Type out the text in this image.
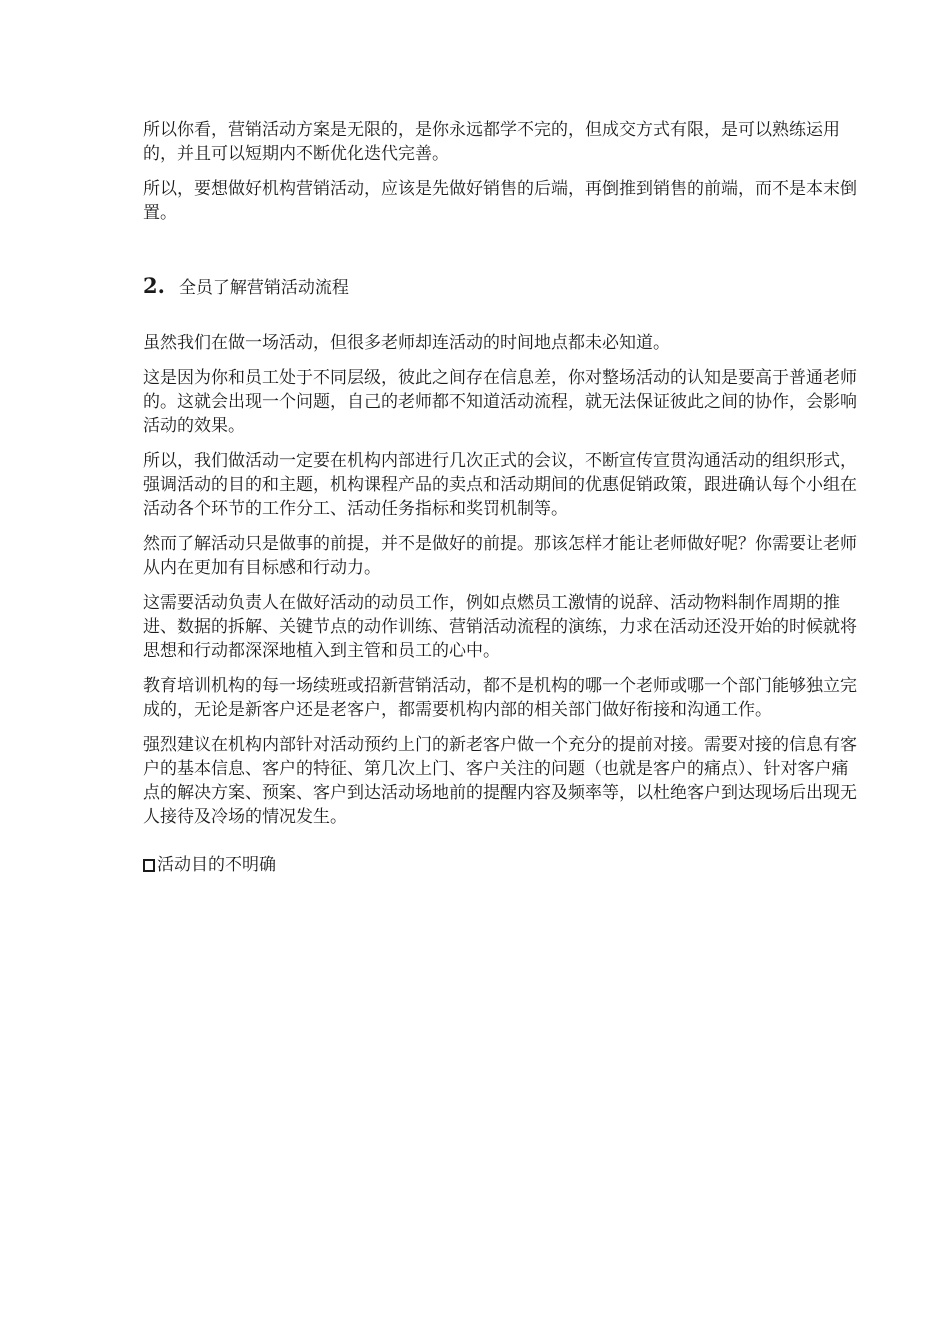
所以你看，营销活动方案是无限的，是你永远都学不完的，但成交方式有限，是可以熟练运用的，并且可以短期内不断优化迭代完善。

所以，要想做好机构营销活动，应该是先做好销售的后端，再倒推到销售的前端，而不是本末倒置。

2. 全员了解营销活动流程

虽然我们在做一场活动，但很多老师却连活动的时间地点都未必知道。

这是因为你和员工处于不同层级，彼此之间存在信息差，你对整场活动的认知是要高于普通老师的。这就会出现一个问题，自己的老师都不知道活动流程，就无法保证彼此之间的协作，会影响活动的效果。

所以，我们做活动一定要在机构内部进行几次正式的会议，不断宣传宣贯沟通活动的组织形式，强调活动的目的和主题，机构课程产品的卖点和活动期间的优惠促销政策，跟进确认每个小组在活动各个环节的工作分工、活动任务指标和奖罚机制等。

然而了解活动只是做事的前提，并不是做好的前提。那该怎样才能让老师做好呢？你需要让老师从内在更加有目标感和行动力。

这需要活动负责人在做好活动的动员工作，例如点燃员工激情的说辞、活动物料制作周期的推进、数据的拆解、关键节点的动作训练、营销活动流程的演练，力求在活动还没开始的时候就将思想和行动都深深地植入到主管和员工的心中。

教育培训机构的每一场续班或招新营销活动，都不是机构的哪一个老师或哪一个部门能够独立完成的，无论是新客户还是老客户，都需要机构内部的相关部门做好衔接和沟通工作。

强烈建议在机构内部针对活动预约上门的新老客户做一个充分的提前对接。需要对接的信息有客户的基本信息、客户的特征、第几次上门、客户关注的问题（也就是客户的痛点）、针对客户痛点的解决方案、预案、客户到达活动场地前的提醒内容及频率等，以杜绝客户到达现场后出现无人接待及冷场的情况发生。

活动目的不明确
